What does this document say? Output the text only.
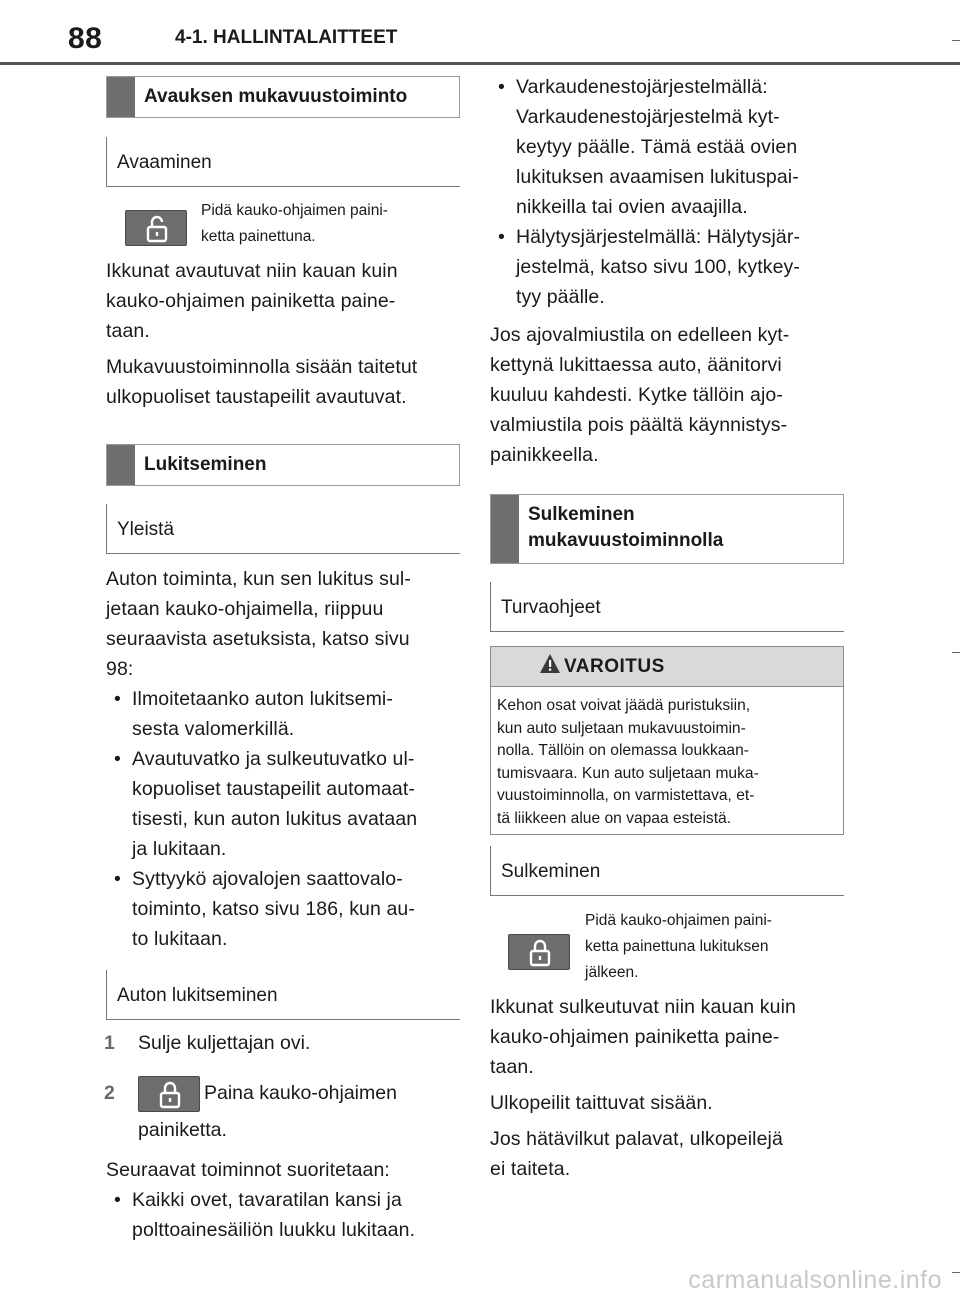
88	4-1. HALLINTALAITTEET
Avauksen mukavuustoiminto
Avaaminen
Pidä kauko-ohjaimen paini-
ketta painettuna.

Ikkunat avautuvat niin kauan kuin
kauko-ohjaimen painiketta paine-
taan.

Mukavuustoiminnolla sisään taitetut
ulkopuoliset taustapeilit avautuvat.

Lukitseminen
Yleistä
Auton toiminta, kun sen lukitus sul-
jetaan kauko-ohjaimella, riippuu
seuraavista asetuksista, katso sivu
98:
• Ilmoitetaanko auton lukitsemi-
sesta valomerkillä.
• Avautuvatko ja sulkeutuvatko ul-
kopuoliset taustapeilit automaat-
tisesti, kun auton lukitus avataan
ja lukitaan.
• Syttyykö ajovalojen saattovalo-
toiminto, katso sivu 186, kun au-
to lukitaan.
Auton lukitseminen
1 Sulje kuljettajan ovi.
2	Paina kauko-ohjaimen
painiketta.
Seuraavat toiminnot suoritetaan:
• Kaikki ovet, tavaratilan kansi ja
polttoainesäiliön luukku lukitaan.
• Varkaudenestojärjestelmällä:
Varkaudenestojärjestelmä kyt-
keytyy päälle. Tämä estää ovien
lukituksen avaamisen lukituspai-
nikkeilla tai ovien avaajilla.
• Hälytysjärjestelmällä: Hälytysjär-
jestelmä, katso sivu 100, kytkey-
tyy päälle.
Jos ajovalmiustila on edelleen kyt-
kettynä lukittaessa auto, äänitorvi
kuuluu kahdesti. Kytke tällöin ajo-
valmiustila pois päältä käynnistys-
painikkeella.
Sulkeminen
mukavuustoiminnolla
Turvaohjeet
VAROITUS
Kehon osat voivat jäädä puristuksiin,
kun auto suljetaan mukavuustoimin-
nolla. Tällöin on olemassa loukkaan-
tumisvaara. Kun auto suljetaan muka-
vuustoiminnolla, on varmistettava, et-
tä liikkeen alue on vapaa esteistä.
Sulkeminen
Pidä kauko-ohjaimen paini-
ketta painettuna lukituksen
jälkeen.

Ikkunat sulkeutuvat niin kauan kuin
kauko-ohjaimen painiketta paine-
taan.

Ulkopeilit taittuvat sisään.

Jos hätävilkut palavat, ulkopeilejä
ei taiteta.

carmanualsonline.info
